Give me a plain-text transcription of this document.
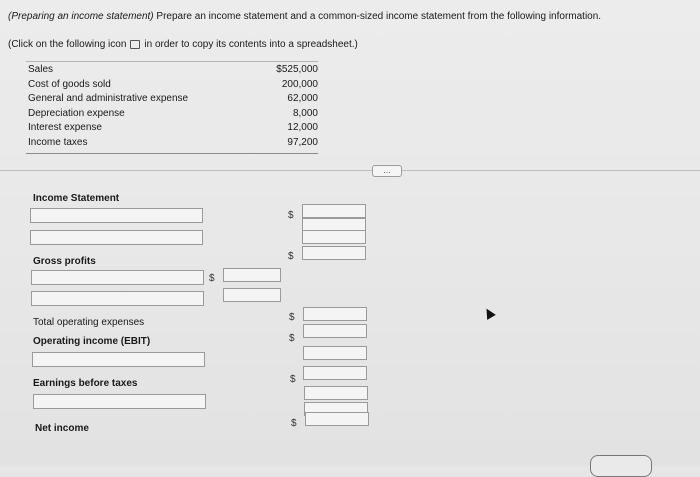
(Preparing an income statement) Prepare an income statement and a common-sized income statement from the following information.
(Click on the following icon in order to copy its contents into a spreadsheet.)
Sales	$525,000
Cost of goods sold	200,000
General and administrative expense	62,000
Depreciation expense	8,000
Interest expense	12,000
Income taxes	97,200
…
Income Statement
$
$
Gross profits
$
Total operating expenses	$
Operating income (EBIT)	$
Earnings before taxes	$
Net income	$
